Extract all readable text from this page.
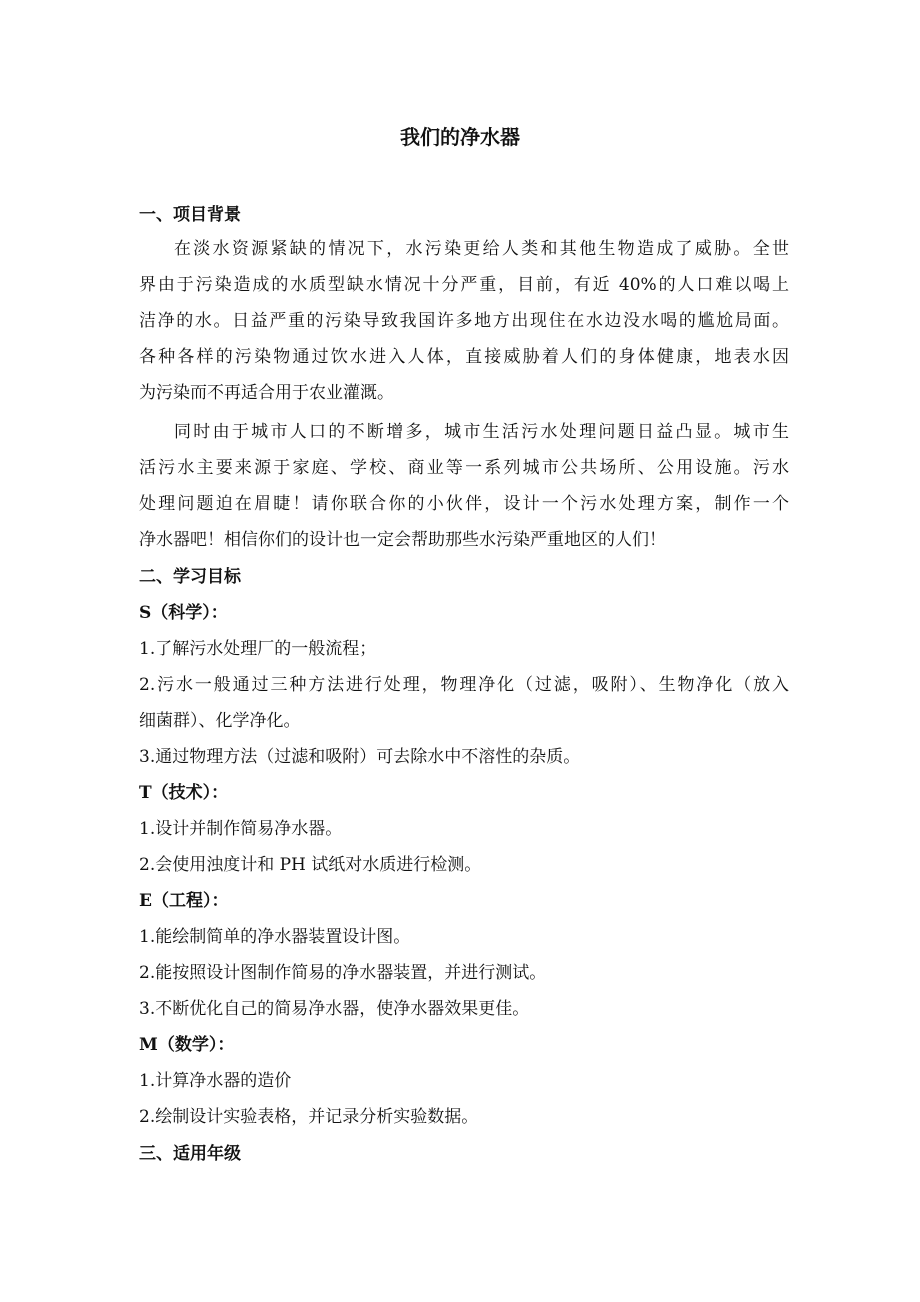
我们的净水器
一、项目背景
在淡水资源紧缺的情况下，水污染更给人类和其他生物造成了威胁。全世
界由于污染造成的水质型缺水情况十分严重，目前，有近 40%的人口难以喝上
洁净的水。日益严重的污染导致我国许多地方出现住在水边没水喝的尴尬局面。
各种各样的污染物通过饮水进入人体，直接威胁着人们的身体健康，地表水因
为污染而不再适合用于农业灌溉。
同时由于城市人口的不断增多，城市生活污水处理问题日益凸显。城市生
活污水主要来源于家庭、学校、商业等一系列城市公共场所、公用设施。污水
处理问题迫在眉睫！请你联合你的小伙伴，设计一个污水处理方案，制作一个
净水器吧！相信你们的设计也一定会帮助那些水污染严重地区的人们！
二、学习目标
S（科学）：
1.了解污水处理厂的一般流程；
2.污水一般通过三种方法进行处理，物理净化（过滤，吸附）、生物净化（放入
细菌群）、化学净化。
3.通过物理方法（过滤和吸附）可去除水中不溶性的杂质。
T（技术）：
1.设计并制作简易净水器。
2.会使用浊度计和 PH 试纸对水质进行检测。
E（工程）：
1.能绘制简单的净水器装置设计图。
2.能按照设计图制作简易的净水器装置，并进行测试。
3.不断优化自己的简易净水器，使净水器效果更佳。
M（数学）：
1.计算净水器的造价
2.绘制设计实验表格，并记录分析实验数据。
三、适用年级
